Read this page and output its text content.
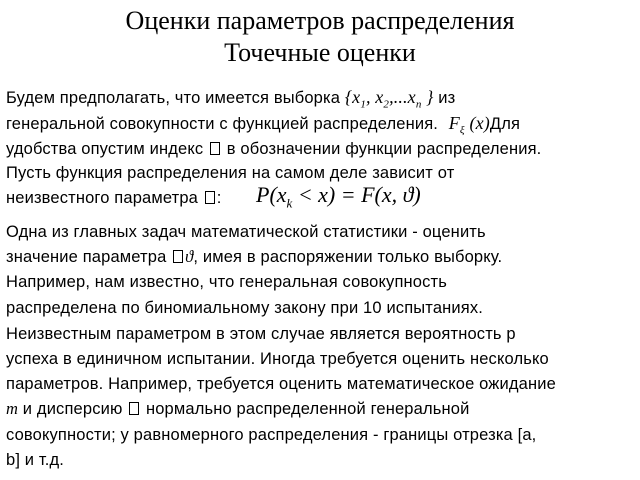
Оценки параметров распределения
Точечные оценки
Будем предполагать, что имеется выборка {$x_1$, $x_2,...x_n$ } из
генеральной совокупности с функцией распределения. $F_\xi$ (x)Для
удобства опустим индекс в обозначении функции распределения.
Пусть функция распределения на самом деле зависит от
неизвестного параметра : $P(x_k < x) = F(x$, ϑ)
Одна из главных задач математической статистики - оценить
значение параметра ϑ, имея в распоряжении только выборку.
Например, нам известно, что генеральная совокупность
распределена по биномиальному закону при 10 испытаниях.
Неизвестным параметром в этом случае является вероятность р
успеха в единичном испытании. Иногда требуется оценить несколько
параметров. Например, требуется оценить математическое ожидание
m и дисперсию  нормально распределенной генеральной
совокупности; у равномерного распределения - границы отрезка [a,
b] и т.д.
